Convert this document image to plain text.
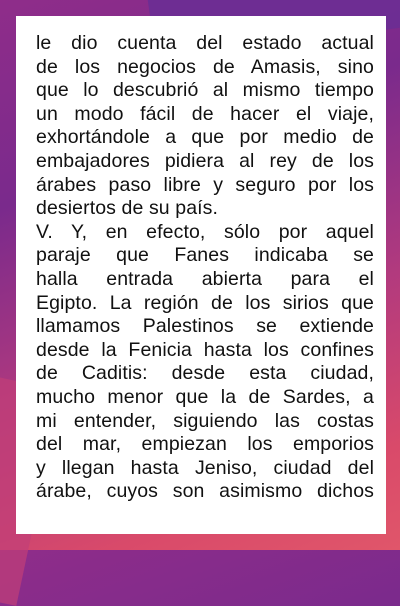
le dio cuenta del estado actual
de los negocios de Amasis, sino
que lo descubrió al mismo tiempo
un modo fácil de hacer el viaje,
exhortándole a que por medio de
embajadores pidiera al rey de los
árabes paso libre y seguro por los
desiertos de su país.
V. Y, en efecto, sólo por aquel
paraje que Fanes indicaba se
halla entrada abierta para el
Egipto. La región de los sirios que
llamamos Palestinos se extiende
desde la Fenicia hasta los confines
de Caditis: desde esta ciudad,
mucho menor que la de Sardes, a
mi entender, siguiendo las costas
del mar, empiezan los emporios
y llegan hasta Jeniso, ciudad del
árabe, cuyos son asimismo dichos
